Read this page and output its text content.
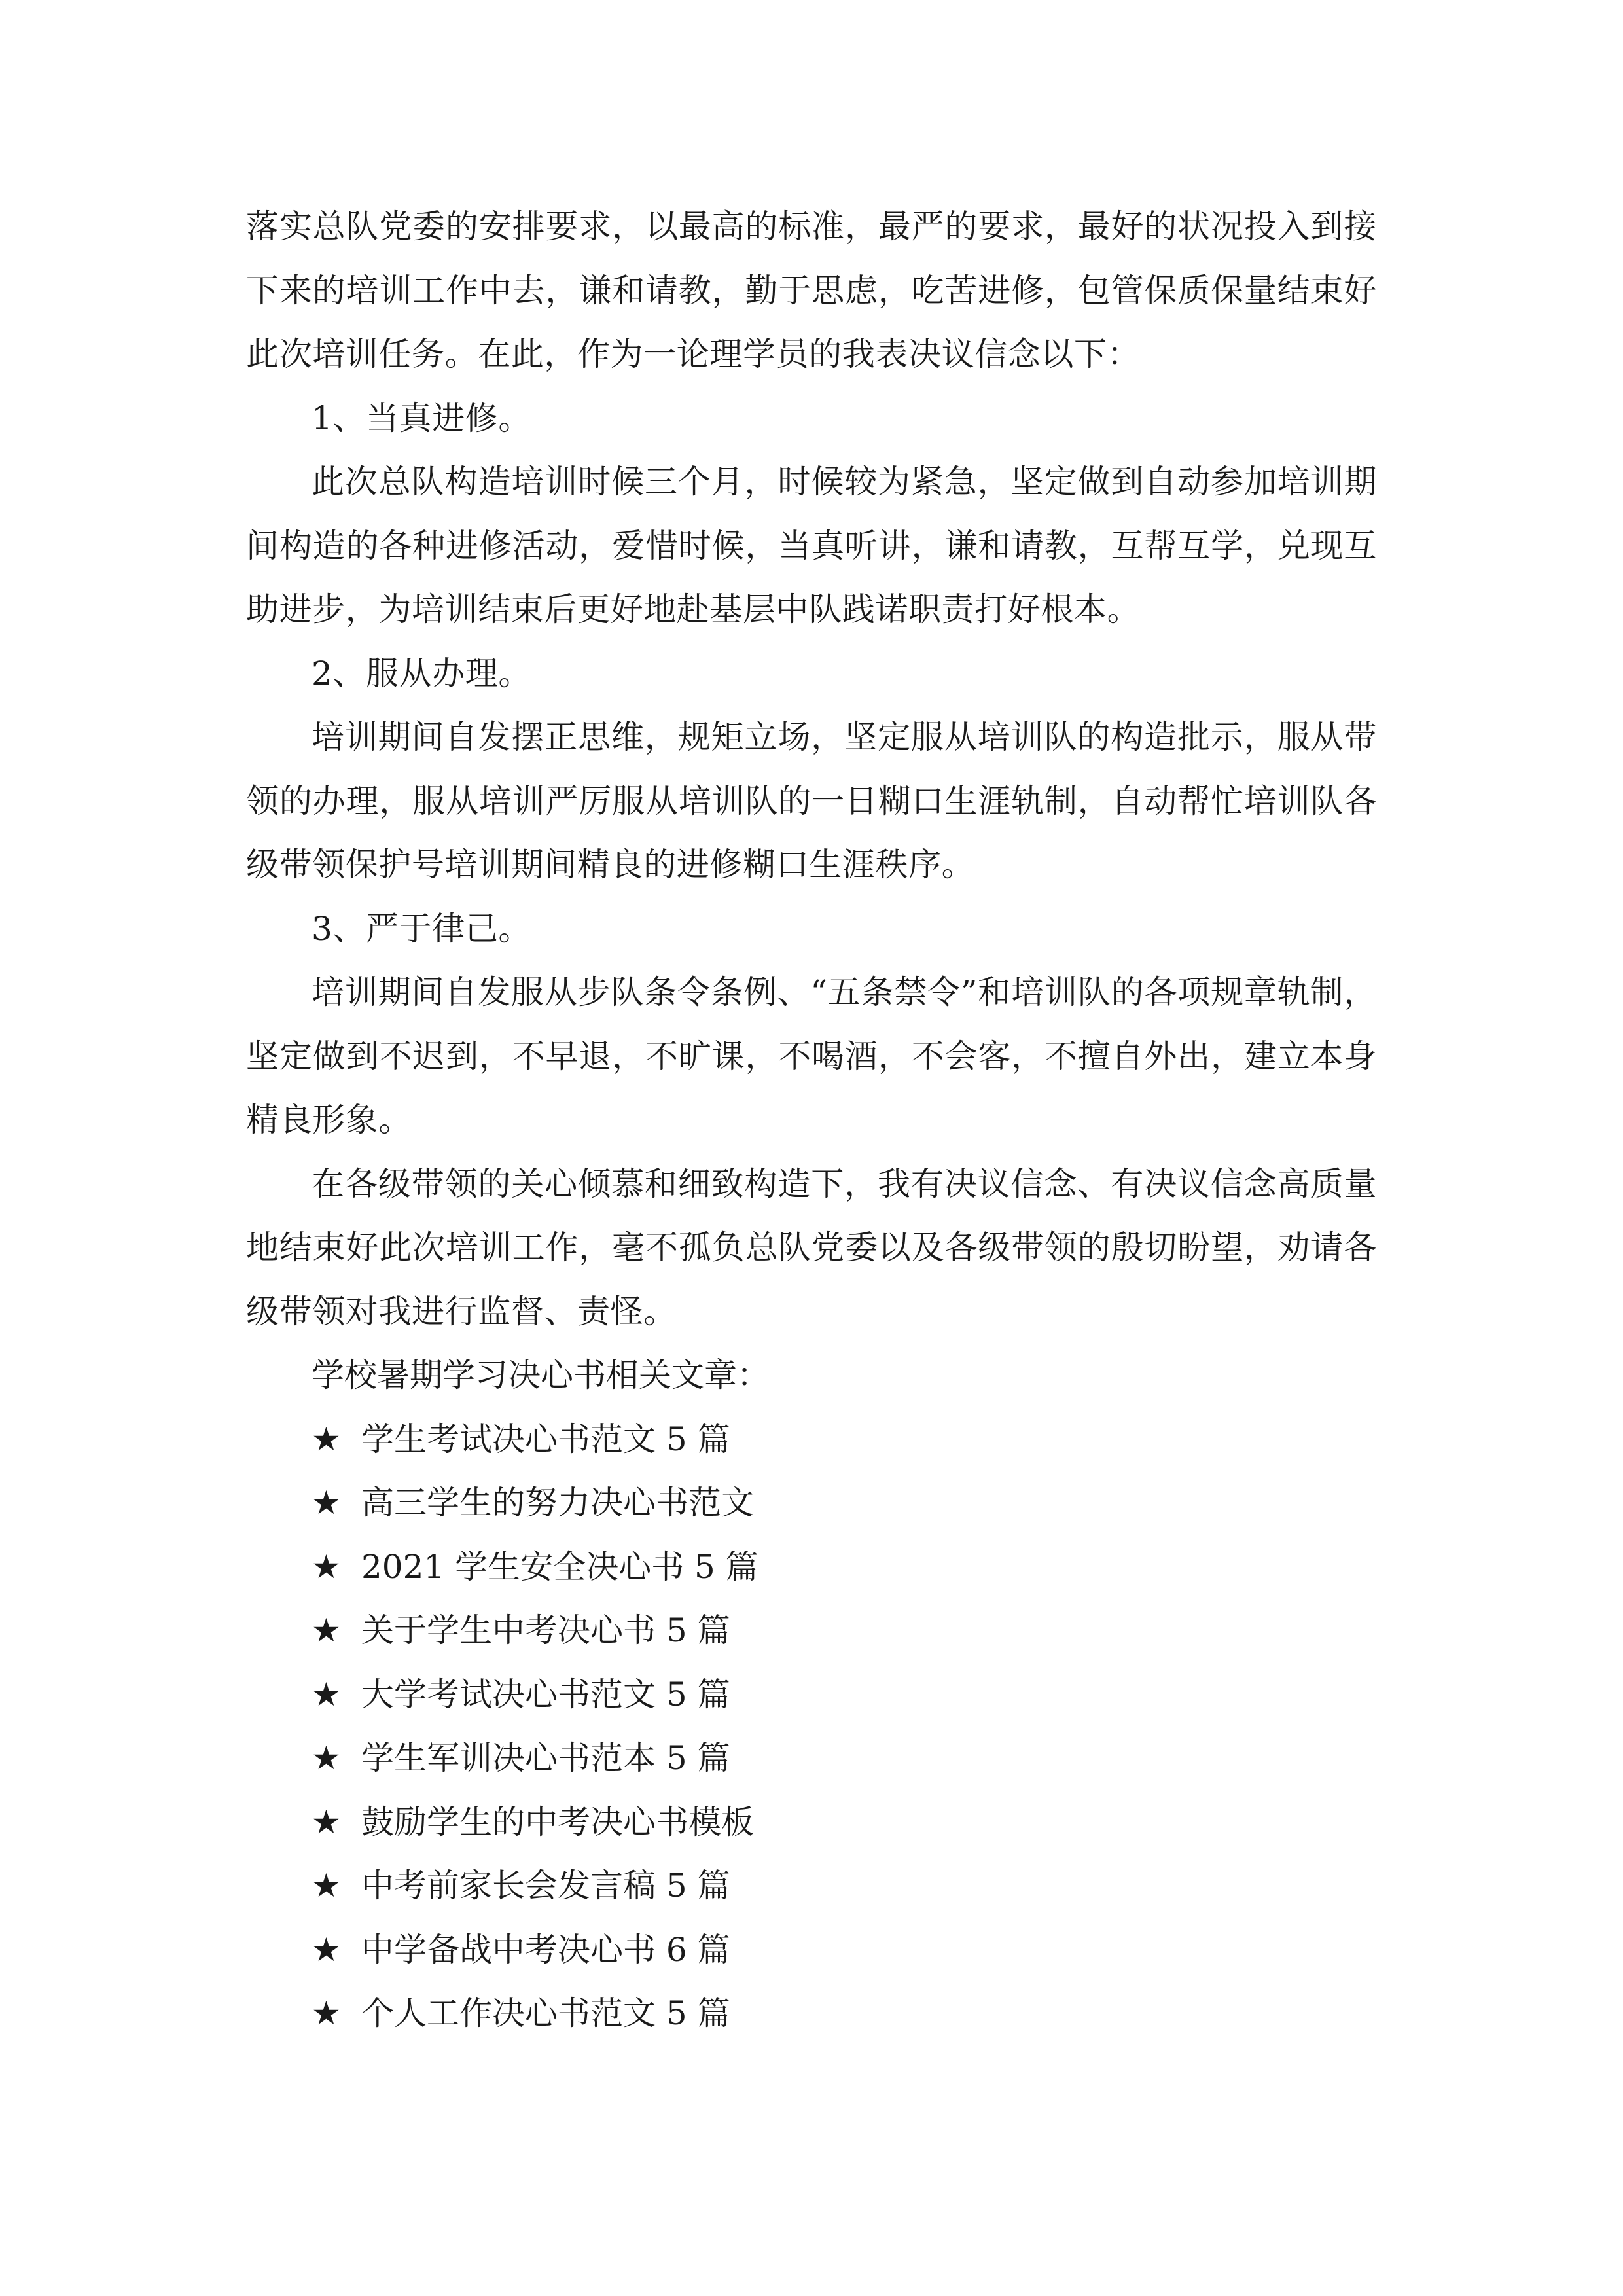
落实总队党委的安排要求，以最高的标准，最严的要求，最好的状况投入到接下来的培训工作中去，谦和请教，勤于思虑，吃苦进修，包管保质保量结束好此次培训任务。在此，作为一论理学员的我表决议信念以下：

1、当真进修。

此次总队构造培训时候三个月，时候较为紧急，坚定做到自动参加培训期间构造的各种进修活动，爱惜时候，当真听讲，谦和请教，互帮互学，兑现互助进步，为培训结束后更好地赴基层中队践诺职责打好根本。

2、服从办理。

培训期间自发摆正思维，规矩立场，坚定服从培训队的构造批示，服从带领的办理，服从培训严厉服从培训队的一日糊口生涯轨制，自动帮忙培训队各级带领保护号培训期间精良的进修糊口生涯秩序。

3、严于律己。

培训期间自发服从步队条令条例、“五条禁令”和培训队的各项规章轨制，坚定做到不迟到，不早退，不旷课，不喝酒，不会客，不擅自外出，建立本身精良形象。

在各级带领的关心倾慕和细致构造下，我有决议信念、有决议信念高质量地结束好此次培训工作，毫不孤负总队党委以及各级带领的殷切盼望，劝请各级带领对我进行监督、责怪。

学校暑期学习决心书相关文章：

★ 学生考试决心书范文 5 篇
★ 高三学生的努力决心书范文
★ 2021 学生安全决心书 5 篇
★ 关于学生中考决心书 5 篇
★ 大学考试决心书范文 5 篇
★ 学生军训决心书范本 5 篇
★ 鼓励学生的中考决心书模板
★ 中考前家长会发言稿 5 篇
★ 中学备战中考决心书 6 篇
★ 个人工作决心书范文 5 篇
